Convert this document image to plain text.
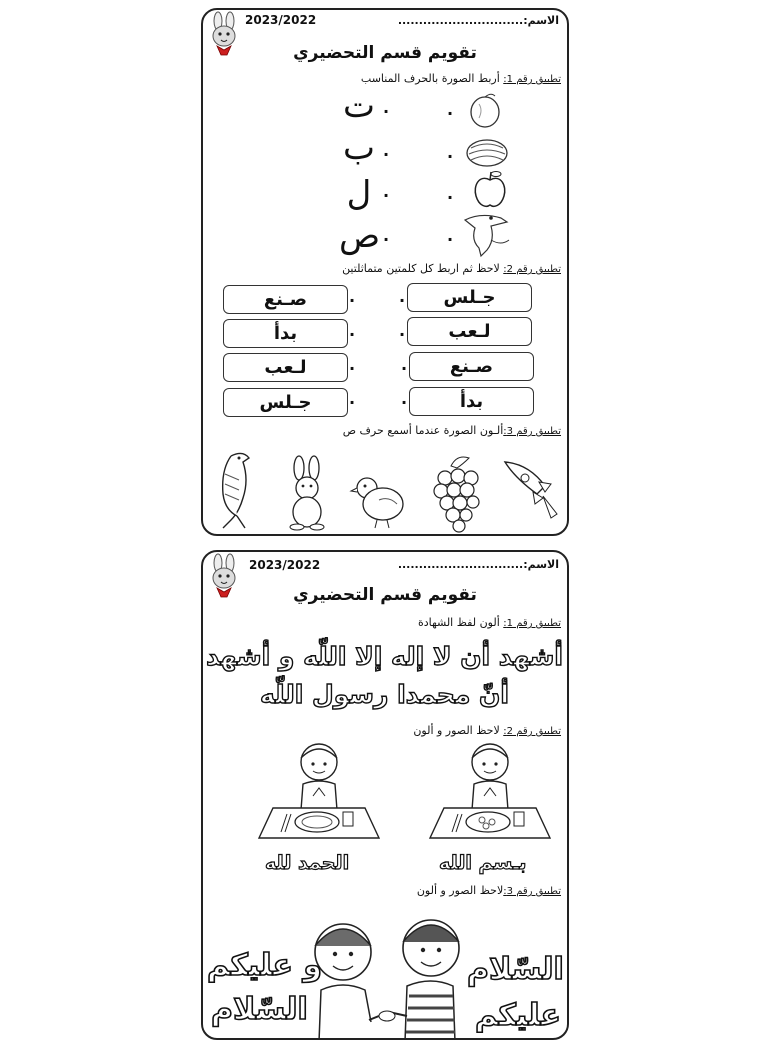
2023/2022	الاسم:..............................
تقويم قسم التحضيري
تطبيق رقم 1: أربط الصورة بالحرف المناسب
ت
ب
ل
ص
.
.
.
.
.
.
.
.
تطبيق رقم 2: لاحظ ثم اربط كل كلمتين متماثلتين
صـنع
بدأ
لـعب
جـلس
جـلس
لـعب
صـنع
بدأ
.
.
.
.
.
.
.
.
تطبيق رقم 3:ألـون الصورة عندما أسمع حرف ص
2023/2022	الاسم:..............................
تقويم قسم التحضيري
تطبيق رقم 1: ألون لفظ الشهادة
أشهد أن لا إله إلا اللّه و أشهد
أنّ محمدا رسول اللّه
تطبيق رقم 2: لاحظ الصور و ألون
الحمد لله	بـسم الله
تطبيق رقم 3:لاحظ الصور و ألون
السّلام
عليكم
و عليكم
السّلام
